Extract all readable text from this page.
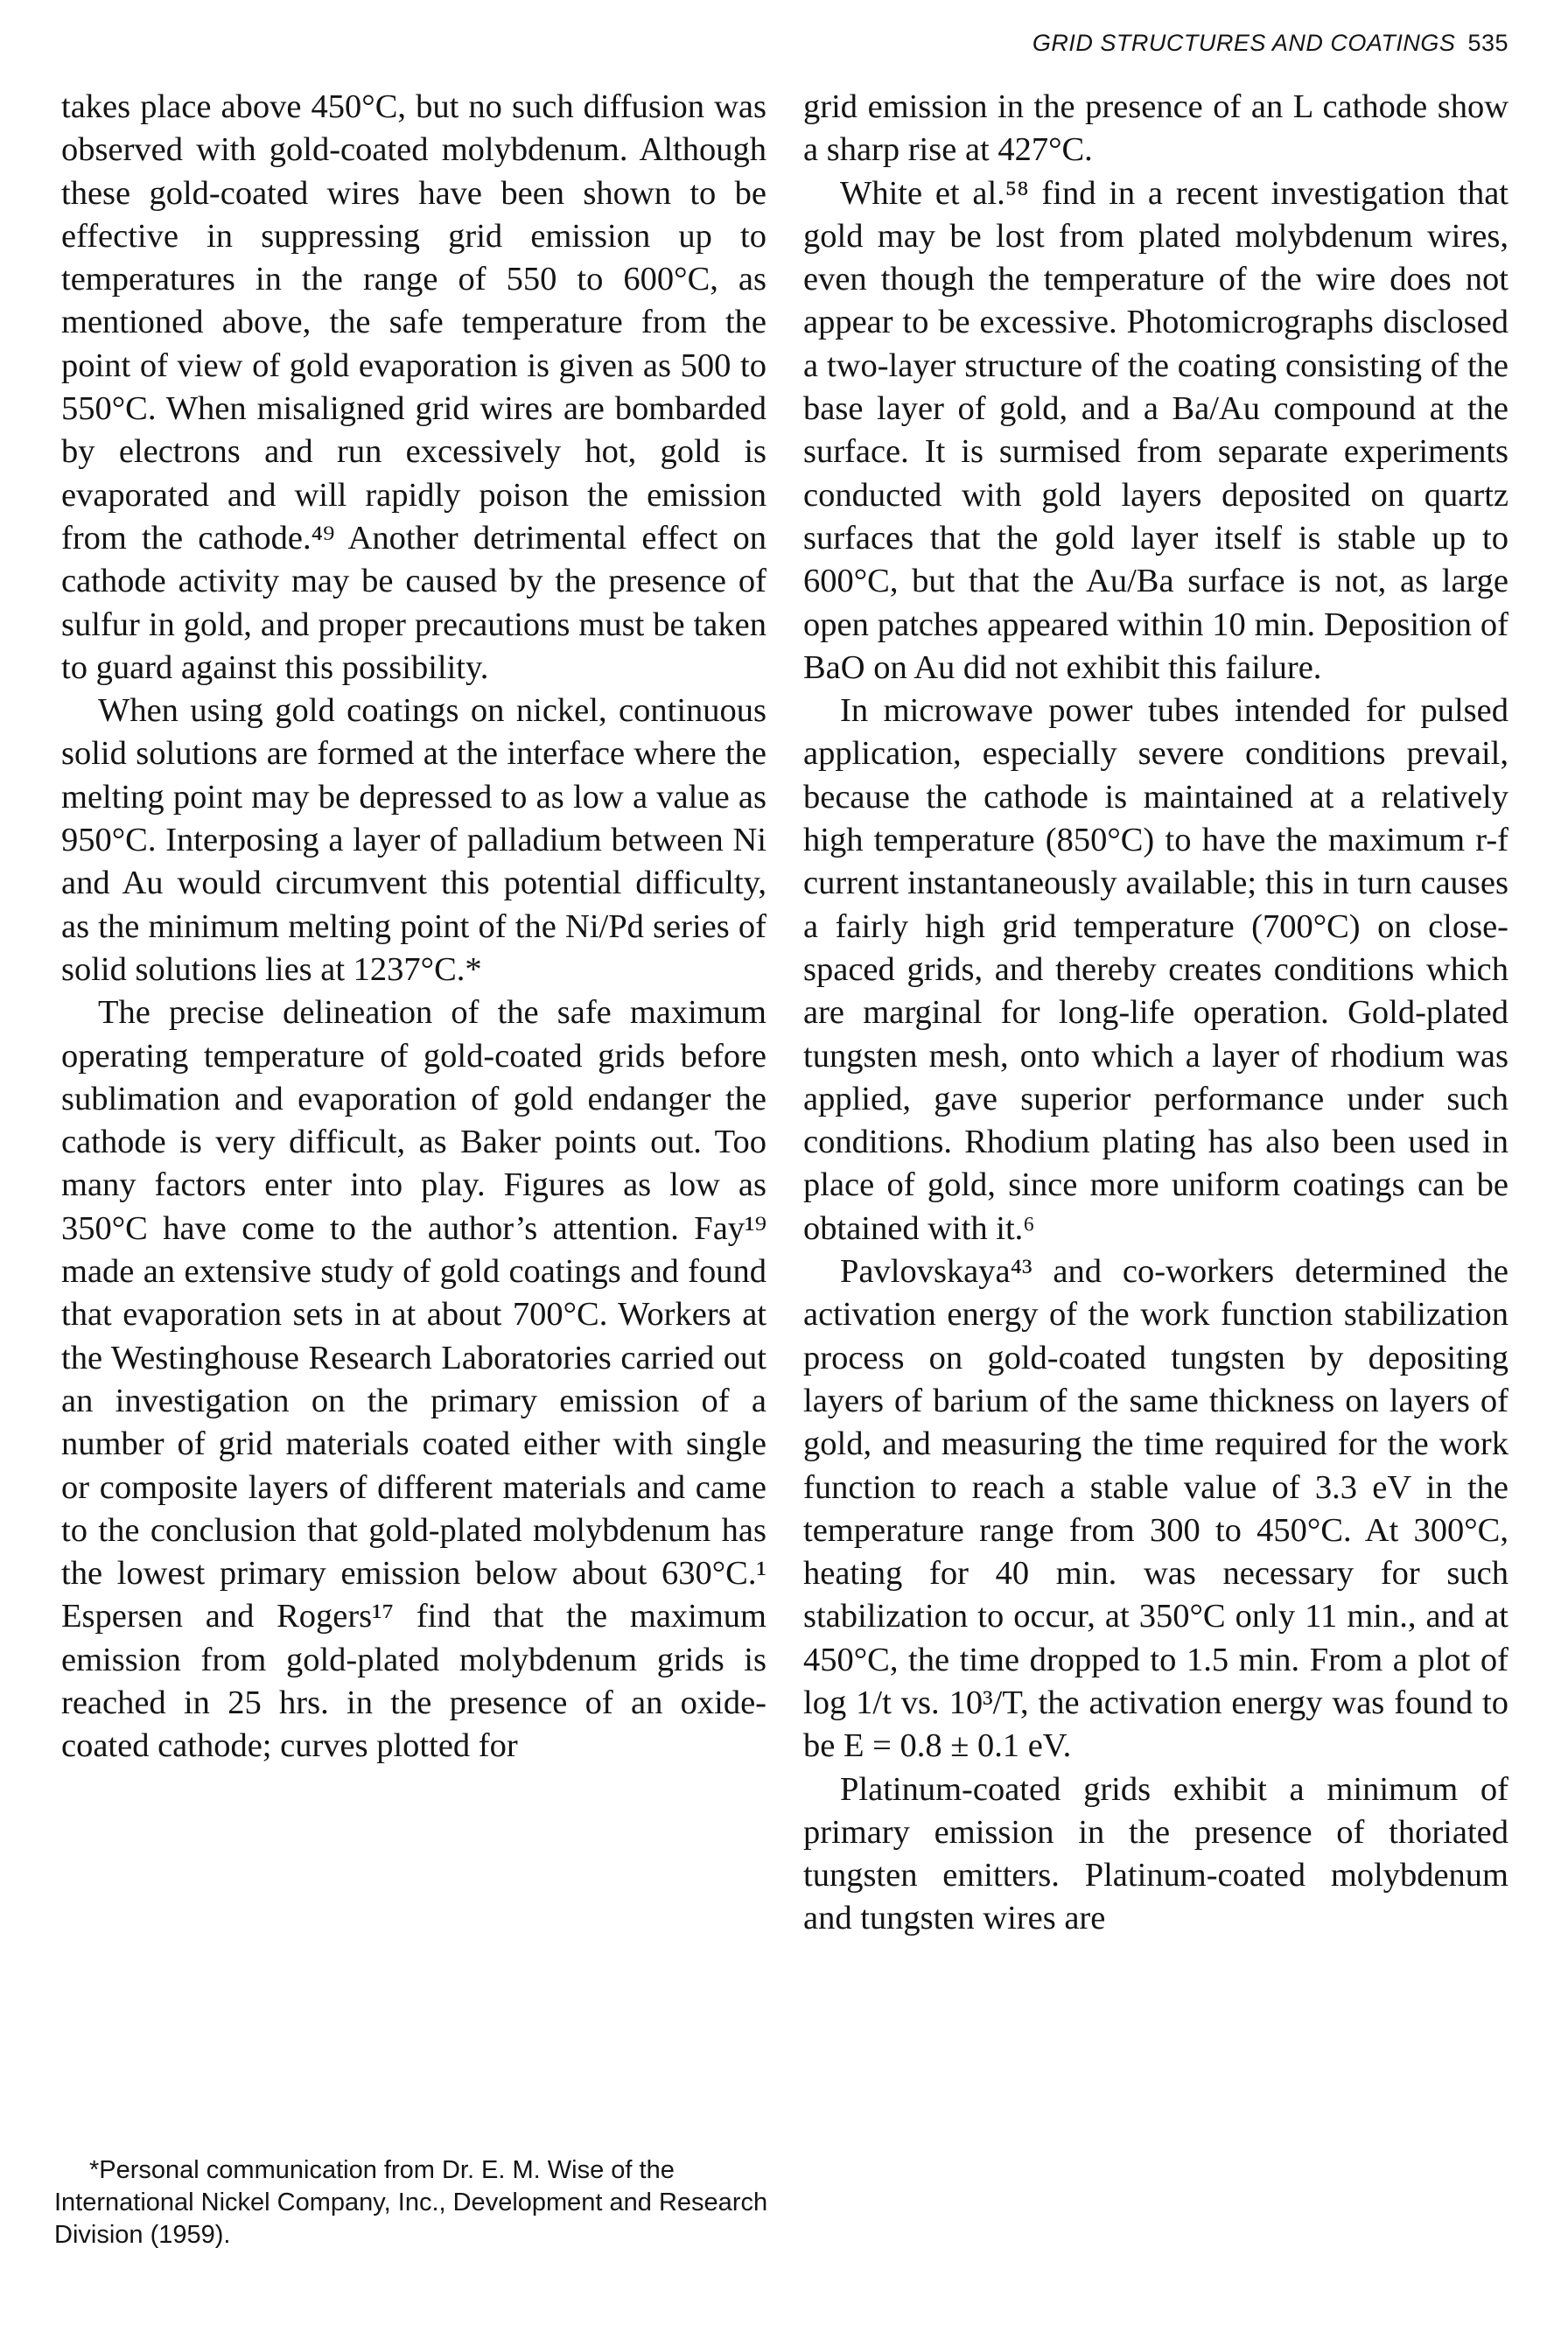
GRID STRUCTURES AND COATINGS 535

takes place above 450°C, but no such diffusion was observed with gold-coated molybdenum. Although these gold-coated wires have been shown to be effective in suppressing grid emission up to temperatures in the range of 550 to 600°C, as mentioned above, the safe temperature from the point of view of gold evaporation is given as 500 to 550°C. When misaligned grid wires are bombarded by electrons and run excessively hot, gold is evaporated and will rapidly poison the emission from the cathode.⁴⁹ Another detrimental effect on cathode activity may be caused by the presence of sulfur in gold, and proper precautions must be taken to guard against this possibility.

When using gold coatings on nickel, continuous solid solutions are formed at the interface where the melting point may be depressed to as low a value as 950°C. Interposing a layer of palladium between Ni and Au would circumvent this potential difficulty, as the minimum melting point of the Ni/Pd series of solid solutions lies at 1237°C.*

The precise delineation of the safe maximum operating temperature of gold-coated grids before sublimation and evaporation of gold endanger the cathode is very difficult, as Baker points out. Too many factors enter into play. Figures as low as 350°C have come to the author’s attention. Fay¹⁹ made an extensive study of gold coatings and found that evaporation sets in at about 700°C. Workers at the Westinghouse Research Laboratories carried out an investigation on the primary emission of a number of grid materials coated either with single or composite layers of different materials and came to the conclusion that gold-plated molybdenum has the lowest primary emission below about 630°C.¹ Espersen and Rogers¹⁷ find that the maximum emission from gold-plated molybdenum grids is reached in 25 hrs. in the presence of an oxide-coated cathode; curves plotted for

grid emission in the presence of an L cathode show a sharp rise at 427°C.

White et al.⁵⁸ find in a recent investigation that gold may be lost from plated molybdenum wires, even though the temperature of the wire does not appear to be excessive. Photomicrographs disclosed a two-layer structure of the coating consisting of the base layer of gold, and a Ba/Au compound at the surface. It is surmised from separate experiments conducted with gold layers deposited on quartz surfaces that the gold layer itself is stable up to 600°C, but that the Au/Ba surface is not, as large open patches appeared within 10 min. Deposition of BaO on Au did not exhibit this failure.

In microwave power tubes intended for pulsed application, especially severe conditions prevail, because the cathode is maintained at a relatively high temperature (850°C) to have the maximum r-f current instantaneously available; this in turn causes a fairly high grid temperature (700°C) on close-spaced grids, and thereby creates conditions which are marginal for long-life operation. Gold-plated tungsten mesh, onto which a layer of rhodium was applied, gave superior performance under such conditions. Rhodium plating has also been used in place of gold, since more uniform coatings can be obtained with it.⁶

Pavlovskaya⁴³ and co-workers determined the activation energy of the work function stabilization process on gold-coated tungsten by depositing layers of barium of the same thickness on layers of gold, and measuring the time required for the work function to reach a stable value of 3.3 eV in the temperature range from 300 to 450°C. At 300°C, heating for 40 min. was necessary for such stabilization to occur, at 350°C only 11 min., and at 450°C, the time dropped to 1.5 min. From a plot of log 1/t vs. 10³/T, the activation energy was found to be E = 0.8 ± 0.1 eV.

Platinum-coated grids exhibit a minimum of primary emission in the presence of thoriated tungsten emitters. Platinum-coated molybdenum and tungsten wires are

*Personal communication from Dr. E. M. Wise of the International Nickel Company, Inc., Development and Research Division (1959).
